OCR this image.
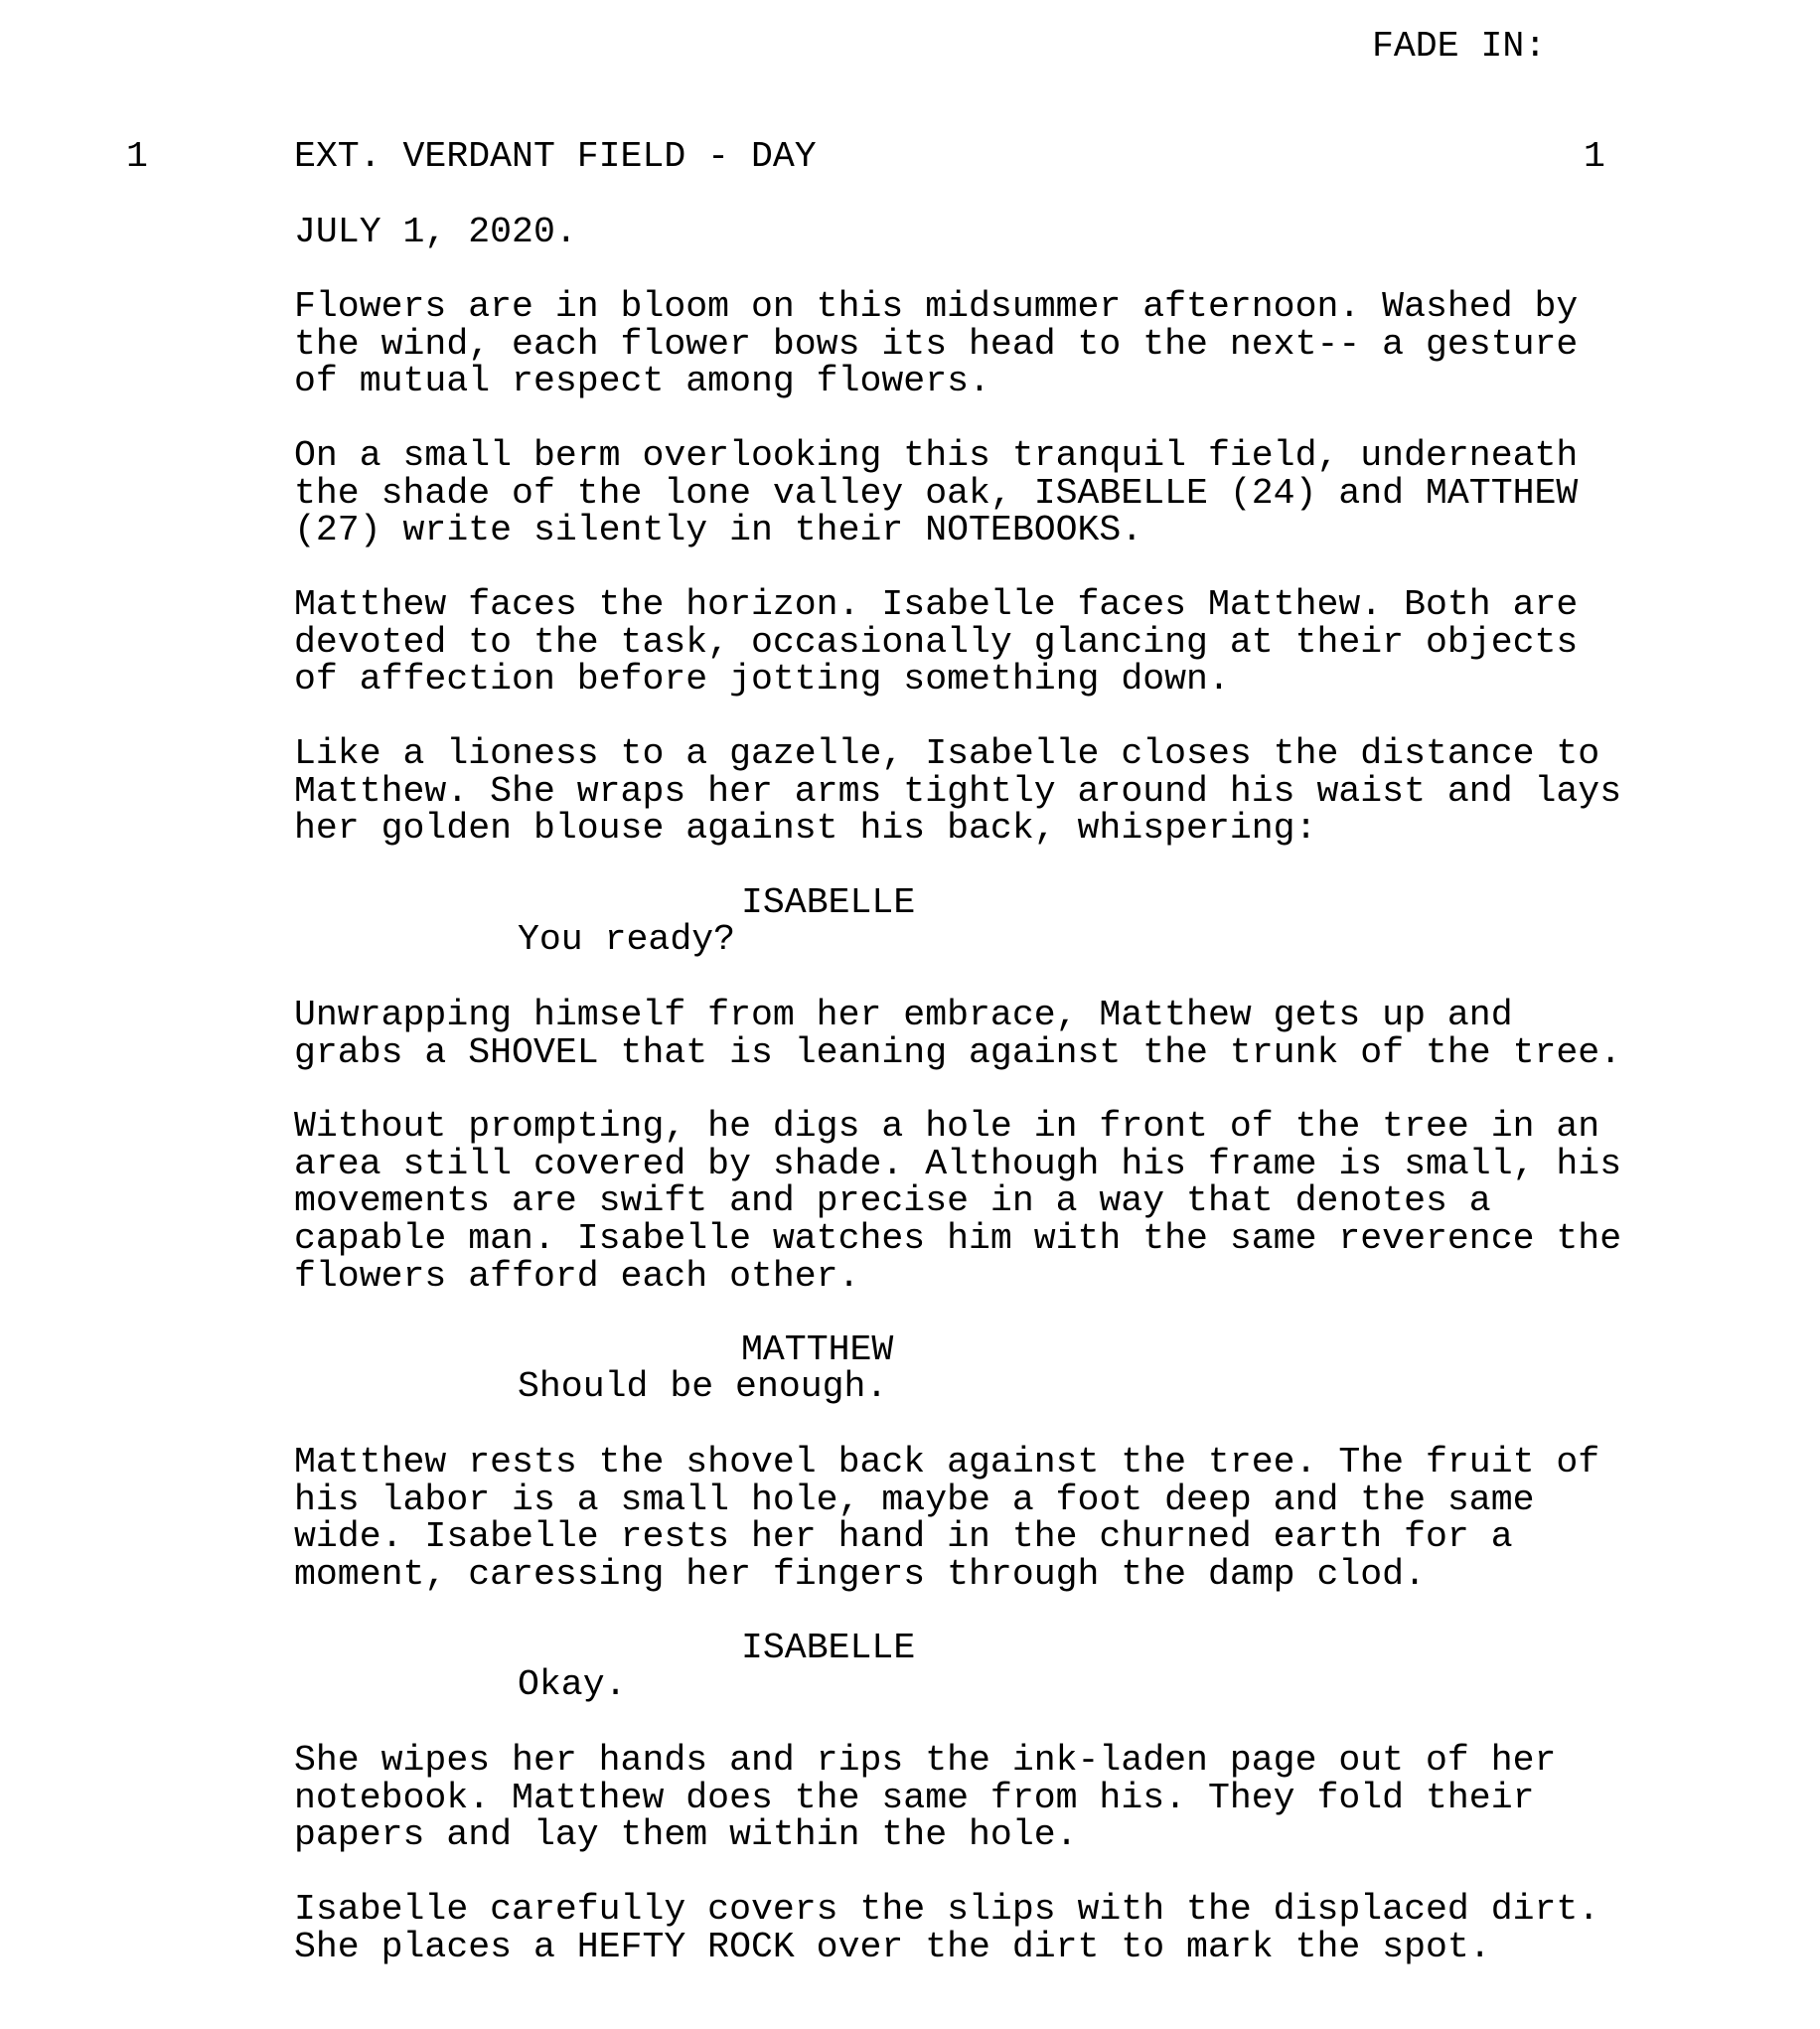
FADE IN:

1	EXT. VERDANT FIELD - DAY	1

JULY 1, 2020.

Flowers are in bloom on this midsummer afternoon. Washed by
the wind, each flower bows its head to the next-- a gesture
of mutual respect among flowers.

On a small berm overlooking this tranquil field, underneath
the shade of the lone valley oak, ISABELLE (24) and MATTHEW
(27) write silently in their NOTEBOOKS.

Matthew faces the horizon. Isabelle faces Matthew. Both are
devoted to the task, occasionally glancing at their objects
of affection before jotting something down.

Like a lioness to a gazelle, Isabelle closes the distance to
Matthew. She wraps her arms tightly around his waist and lays
her golden blouse against his back, whispering:

ISABELLE

You ready?

Unwrapping himself from her embrace, Matthew gets up and
grabs a SHOVEL that is leaning against the trunk of the tree.

Without prompting, he digs a hole in front of the tree in an
area still covered by shade. Although his frame is small, his
movements are swift and precise in a way that denotes a
capable man. Isabelle watches him with the same reverence the
flowers afford each other.

MATTHEW

Should be enough.

Matthew rests the shovel back against the tree. The fruit of
his labor is a small hole, maybe a foot deep and the same
wide. Isabelle rests her hand in the churned earth for a
moment, caressing her fingers through the damp clod.

ISABELLE

Okay.

She wipes her hands and rips the ink-laden page out of her
notebook. Matthew does the same from his. They fold their
papers and lay them within the hole.

Isabelle carefully covers the slips with the displaced dirt.
She places a HEFTY ROCK over the dirt to mark the spot.
